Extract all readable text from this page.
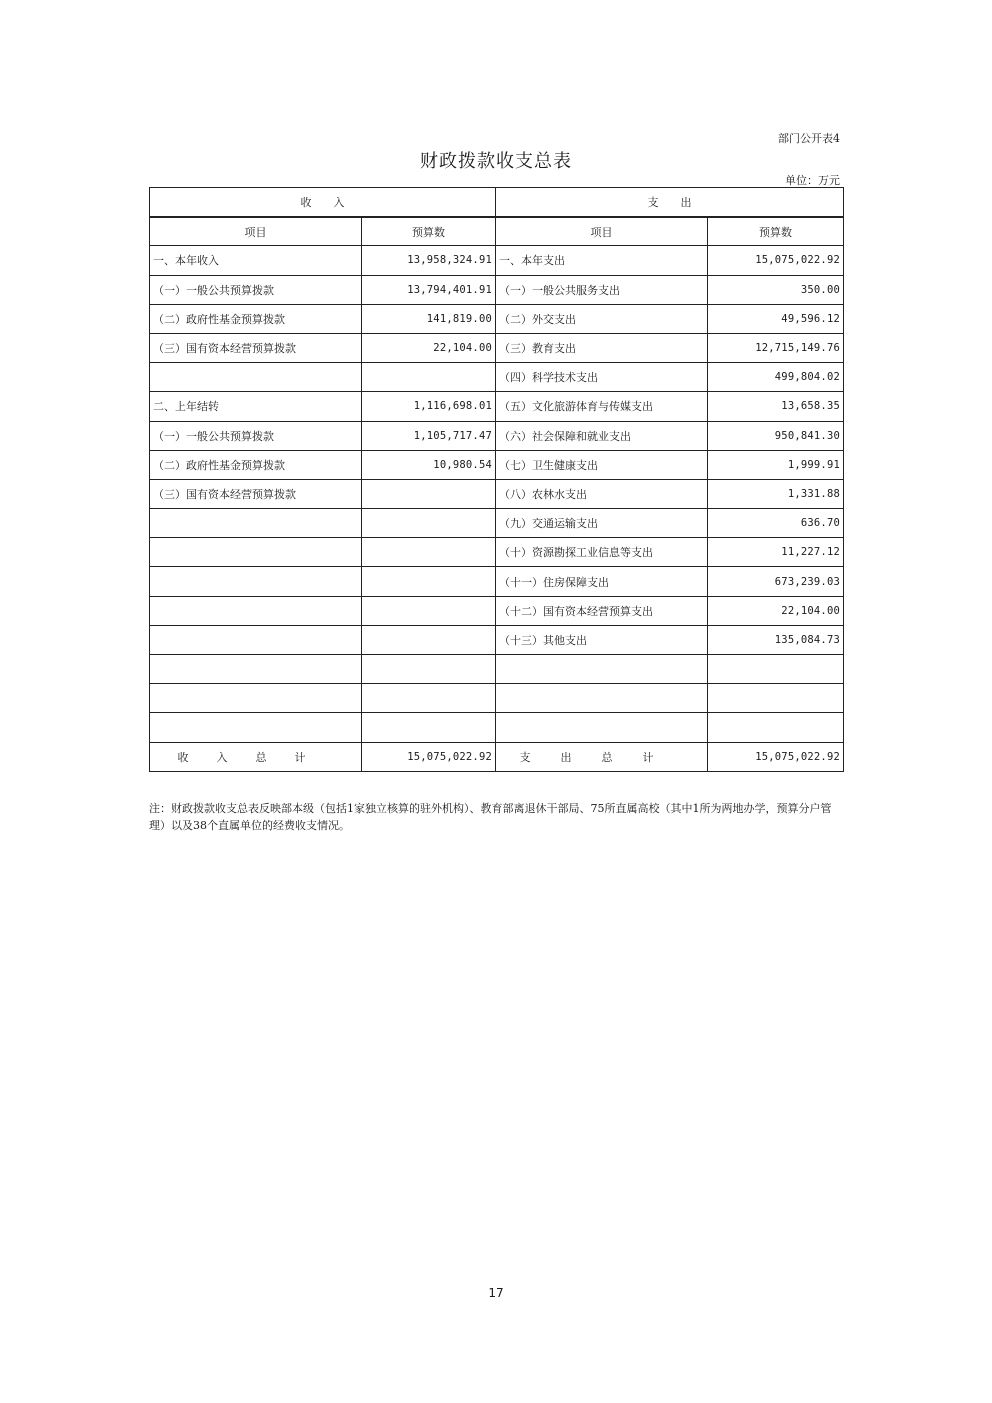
部门公开表4
财政拨款收支总表
单位：万元
收　　入		支　　出	
项目	预算数	项目	预算数
一、本年收入	13,958,324.91	一、本年支出	15,075,022.92
（一）一般公共预算拨款	13,794,401.91	（一）一般公共服务支出	350.00
（二）政府性基金预算拨款	141,819.00	（二）外交支出	49,596.12
（三）国有资本经营预算拨款	22,104.00	（三）教育支出	12,715,149.76
		（四）科学技术支出	499,804.02
二、上年结转	1,116,698.01	（五）文化旅游体育与传媒支出	13,658.35
（一）一般公共预算拨款	1,105,717.47	（六）社会保障和就业支出	950,841.30
（二）政府性基金预算拨款	10,980.54	（七）卫生健康支出	1,999.91
（三）国有资本经营预算拨款		（八）农林水支出	1,331.88
		（九）交通运输支出	636.70
		（十）资源勘探工业信息等支出	11,227.12
		（十一）住房保障支出	673,239.03
		（十二）国有资本经营预算支出	22,104.00
		（十三）其他支出	135,084.73

收入总计	15,075,022.92	支出总计	15,075,022.92
注：财政拨款收支总表反映部本级（包括1家独立核算的驻外机构）、教育部离退休干部局、75所直属高校（其中1所为两地办学，预算分户管理）以及38个直属单位的经费收支情况。
17
